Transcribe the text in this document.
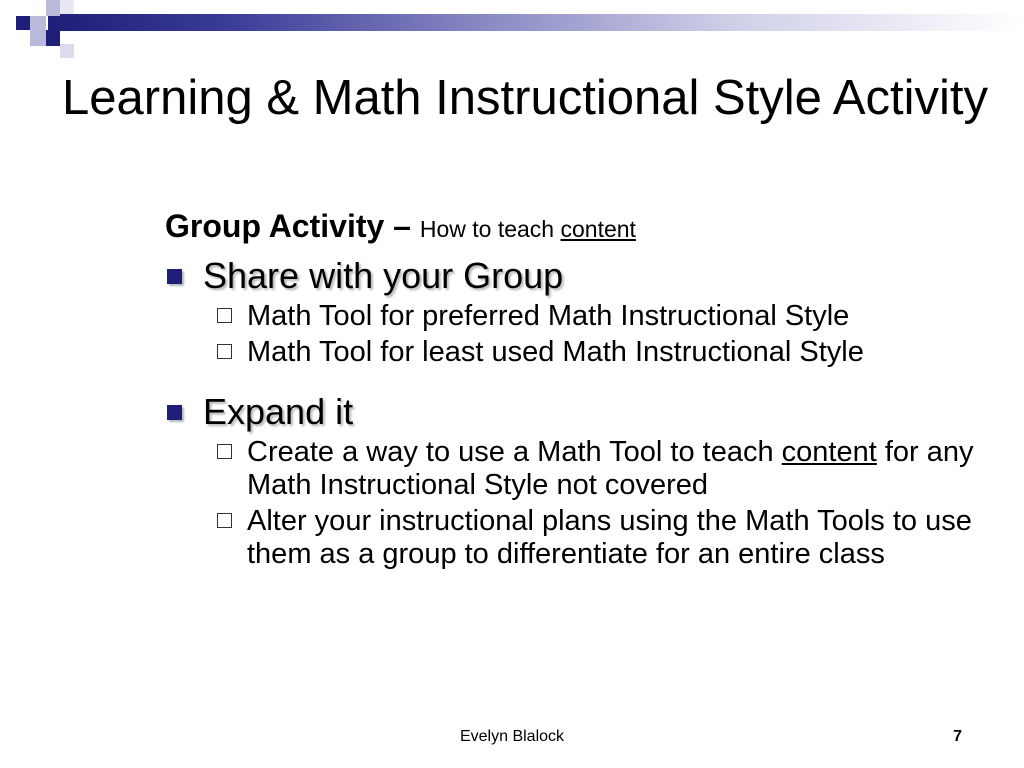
Learning & Math Instructional Style Activity
Group Activity – How to teach content
Share with your Group
Math Tool for preferred Math Instructional Style
Math Tool for least used Math Instructional Style
Expand it
Create a way to use a Math Tool to teach content for any Math Instructional Style not covered
Alter your instructional plans using the Math Tools to use them as a group to differentiate for an entire class
Evelyn Blalock	7
